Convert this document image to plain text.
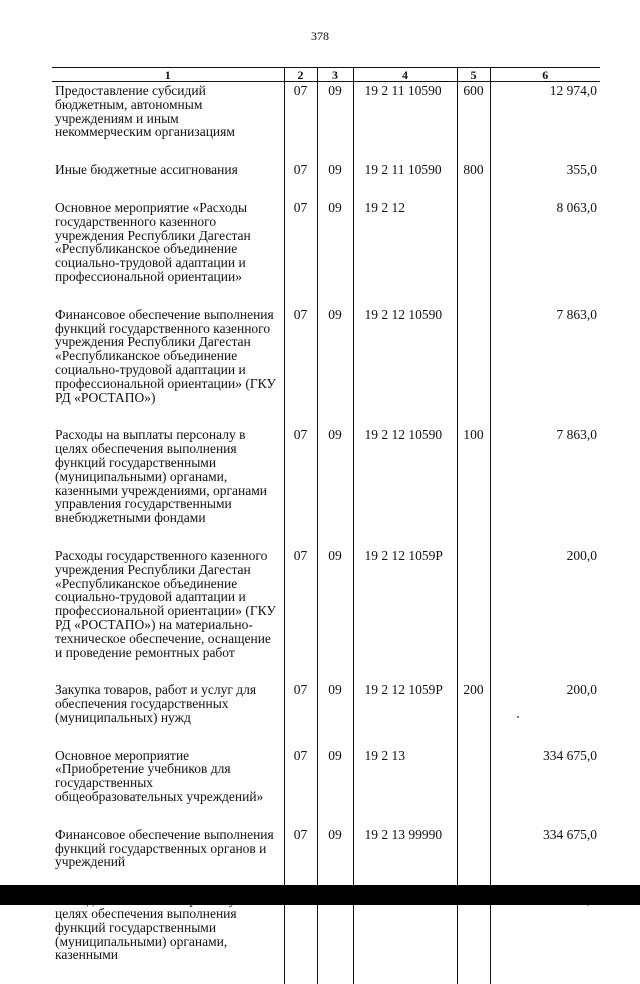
378
1	2	3	4	5	6
Предоставление субсидий бюджетным, автономным учреждениям и иным некоммерческим организациям	07	09	19 2 11 10590	600	12 974,0
Иные бюджетные ассигнования	07	09	19 2 11 10590	800	355,0
Основное мероприятие «Расходы государственного казенного учреждения Республики Дагестан «Республиканское объединение социально-трудовой адаптации и профессиональной ориентации»	07	09	19 2 12		8 063,0
Финансовое обеспечение выполнения функций государственного казенного учреждения Республики Дагестан «Республиканское объединение социально-трудовой адаптации и профессиональной ориентации» (ГКУ РД «РОСТАПО»)	07	09	19 2 12 10590		7 863,0
Расходы на выплаты персоналу в целях обеспечения выполнения функций государственными (муниципальными) органами, казенными учреждениями, органами управления государственными внебюджетными фондами	07	09	19 2 12 10590	100	7 863,0
Расходы государственного казенного учреждения Республики Дагестан «Республиканское объединение социально-трудовой адаптации и профессиональной ориентации» (ГКУ РД «РОСТАПО») на материально-техническое обеспечение, оснащение и проведение ремонтных работ	07	09	19 2 12 1059Р		200,0
Закупка товаров, работ и услуг для обеспечения государственных (муниципальных) нужд	07	09	19 2 12 1059Р	200	200,0
Основное мероприятие «Приобретение учебников для государственных общеобразовательных учреждений»	07	09	19 2 13		334 675,0
Финансовое обеспечение выполнения функций государственных органов и учреждений	07	09	19 2 13 99990		334 675,0
целях обеспечения выполнения функций государственными (муниципальными) органами, казенными					
